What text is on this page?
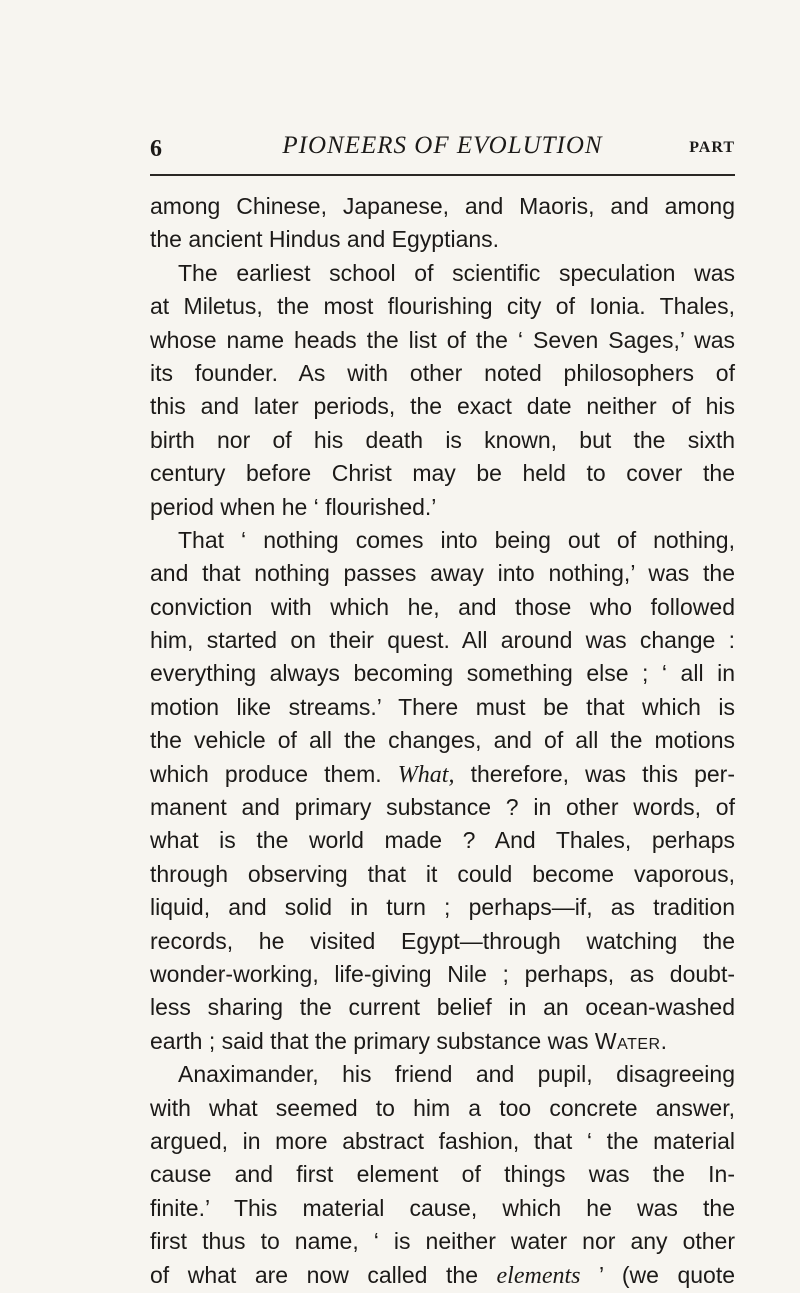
6	PIONEERS OF EVOLUTION	PART
among Chinese, Japanese, and Maoris, and among
the ancient Hindus and Egyptians.
The earliest school of scientific speculation was
at Miletus, the most flourishing city of Ionia. Thales,
whose name heads the list of the ‘ Seven Sages,’ was
its founder. As with other noted philosophers of
this and later periods, the exact date neither of his
birth nor of his death is known, but the sixth
century before Christ may be held to cover the
period when he ‘ flourished.’
That ‘ nothing comes into being out of nothing,
and that nothing passes away into nothing,’ was the
conviction with which he, and those who followed
him, started on their quest. All around was change :
everything always becoming something else ; ‘ all in
motion like streams.’ There must be that which is
the vehicle of all the changes, and of all the motions
which produce them. What, therefore, was this per-
manent and primary substance ? in other words, of
what is the world made ? And Thales, perhaps
through observing that it could become vaporous,
liquid, and solid in turn ; perhaps—if, as tradition
records, he visited Egypt—through watching the
wonder-working, life-giving Nile ; perhaps, as doubt-
less sharing the current belief in an ocean-washed
earth ; said that the primary substance was Water.
Anaximander, his friend and pupil, disagreeing
with what seemed to him a too concrete answer,
argued, in more abstract fashion, that ‘ the material
cause and first element of things was the In-
finite.’ This material cause, which he was the
first thus to name, ‘ is neither water nor any other
of what are now called the elements ’ (we quote
